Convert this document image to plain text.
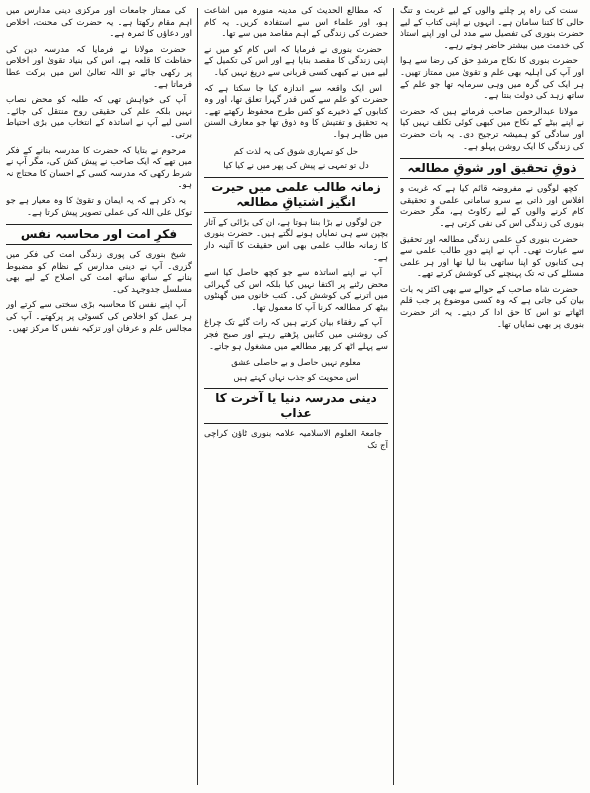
سنت کی راہ پر چلنے والوں کے لیے غربت و تنگ حالی کا کتنا سامان ہے۔ انہوں نے اپنی کتاب کے لیے حضرت بنوری کی تفصیل سے مدد لی اور اپنے استاذ کی خدمت میں بیشتر حاضر ہوتے رہے۔

حضرت بنوری کا نکاح مرشدِ حق کی رضا سے ہوا اور آپ کی اہلیہ بھی علم و تقویٰ میں ممتاز تھیں۔ ہر ایک کی گرہ میں وہی سرمایہ تھا جو علم کے ساتھ زہد کی دولت بنتا ہے۔

مولانا عبدالرحمن صاحب فرماتے ہیں کہ حضرت نے اپنے بیٹے کے نکاح میں کبھی کوئی تکلف نہیں کیا اور سادگی کو ہمیشہ ترجیح دی۔ یہ بات حضرت کی زندگی کا ایک روشن پہلو ہے۔

ذوقِ تحقیق اور شوقِ مطالعہ

کچھ لوگوں نے مفروضہ قائم کیا ہے کہ غربت و افلاس اور ذاتی بے سرو سامانی علمی و تحقیقی کام کرنے والوں کے لیے رکاوٹ ہے، مگر حضرت بنوری کی زندگی اس کی نفی کرتی ہے۔

حضرت بنوری کی علمی زندگی مطالعہ اور تحقیق سے عبارت تھی۔ آپ نے اپنے دورِ طالب علمی سے ہی کتابوں کو اپنا ساتھی بنا لیا تھا اور ہر علمی مسئلے کی تہ تک پہنچنے کی کوشش کرتے تھے۔

حضرت شاہ صاحب کے حوالے سے بھی اکثر یہ بات بیان کی جاتی ہے کہ وہ کسی موضوع پر جب قلم اٹھاتے تو اس کا حق ادا کر دیتے۔ یہ اثر حضرت بنوری پر بھی نمایاں تھا۔

کہ مطالع الحدیث کی مدینہ منورہ میں اشاعت ہو، اور علماء اس سے استفادہ کریں۔ یہ کام حضرت کی زندگی کے اہم مقاصد میں سے تھا۔

حضرت بنوری نے فرمایا کہ اس کام کو میں نے اپنی زندگی کا مقصد بنایا ہے اور اس کی تکمیل کے لیے میں نے کبھی کسی قربانی سے دریغ نہیں کیا۔

اس ایک واقعہ سے اندازہ کیا جا سکتا ہے کہ حضرت کو علم سے کس قدر گہرا تعلق تھا، اور وہ کتابوں کے ذخیرے کو کس طرح محفوظ رکھتے تھے۔ یہ تحقیق و تفتیش کا وہ ذوق تھا جو معارف السنن میں ظاہر ہوا۔

حل کو تمہاری شوق کی یہ لذت کم
دل تو تمہی نے پیش کی پھر میں نے کیا کیا
زمانہ طالب علمی میں حیرت انگیز اشتیاقِ مطالعہ

جن لوگوں نے بڑا بننا ہوتا ہے، ان کی بڑائی کے آثار بچپن سے ہی نمایاں ہونے لگتے ہیں۔ حضرت بنوری کا زمانہ طالب علمی بھی اس حقیقت کا آئینہ دار ہے۔

آپ نے اپنے اساتذہ سے جو کچھ حاصل کیا اسے محض رٹنے پر اکتفا نہیں کیا بلکہ اس کی گہرائی میں اترنے کی کوشش کی۔ کتب خانوں میں گھنٹوں بیٹھ کر مطالعہ کرنا آپ کا معمول تھا۔

آپ کے رفقاء بیان کرتے ہیں کہ رات گئے تک چراغ کی روشنی میں کتابیں پڑھتے رہتے اور صبح فجر سے پہلے اٹھ کر پھر مطالعے میں مشغول ہو جاتے۔

معلوم نہیں حاصل و بے حاصلی عشق
اس محویت کو جذب نہاں کہتے ہیں
دینی مدرسہ دنیا یا آخرت کا عذاب

جامعۃ العلوم الاسلامیہ علامہ بنوری ٹاؤن کراچی آج تک

کی ممتاز جامعات اور مرکزی دینی مدارس میں اہم مقام رکھتا ہے۔ یہ حضرت کی محنت، اخلاص اور دعاؤں کا ثمرہ ہے۔

حضرت مولانا نے فرمایا کہ مدرسہ دین کی حفاظت کا قلعہ ہے، اس کی بنیاد تقویٰ اور اخلاص پر رکھی جائے تو اللہ تعالیٰ اس میں برکت عطا فرماتا ہے۔

آپ کی خواہش تھی کہ طلبہ کو محض نصاب نہیں بلکہ علم کی حقیقی روح منتقل کی جائے۔ اسی لیے آپ نے اساتذہ کے انتخاب میں بڑی احتیاط برتی۔

مرحوم نے بتایا کہ حضرت کا مدرسہ بنانے کے فکر میں تھے کہ ایک صاحب نے پیش کش کی، مگر آپ نے شرط رکھی کہ مدرسہ کسی کے احسان کا محتاج نہ ہو۔

یہ ذکر ہے کہ یہ ایمان و تقویٰ کا وہ معیار ہے جو توکل علی اللہ کی عملی تصویر پیش کرتا ہے۔

فکرِ امت اور محاسبہ نفس

شیخ بنوری کی پوری زندگی امت کی فکر میں گزری۔ آپ نے دینی مدارس کے نظام کو مضبوط بنانے کے ساتھ ساتھ امت کی اصلاح کے لیے بھی مسلسل جدوجہد کی۔

آپ اپنے نفس کا محاسبہ بڑی سختی سے کرتے اور ہر عمل کو اخلاص کی کسوٹی پر پرکھتے۔ آپ کی مجالس علم و عرفان اور تزکیہ نفس کا مرکز تھیں۔
